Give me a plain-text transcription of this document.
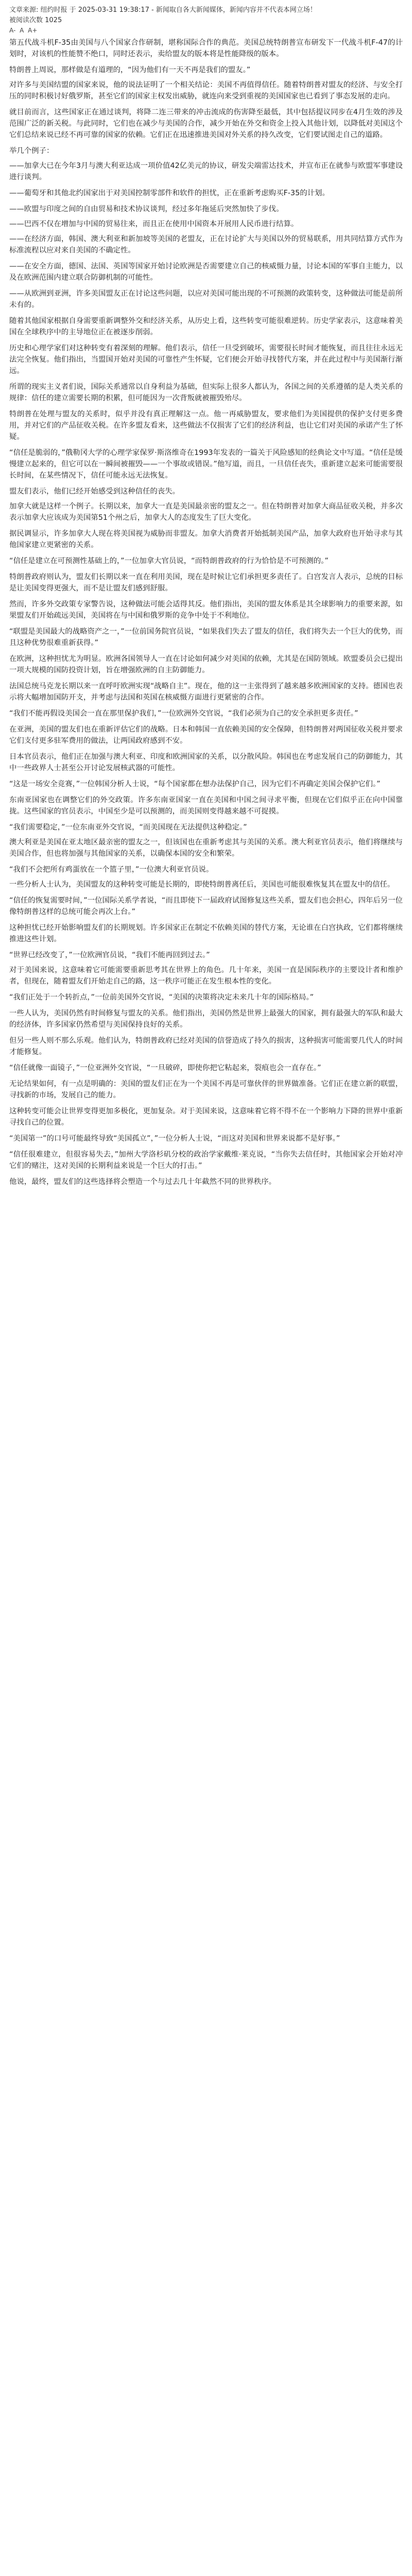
文章来源: 纽约时报 于 2025-03-31 19:38:17 - 新闻取自各大新闻媒体，新闻内容并不代表本网立场！
被阅读次数 1025
A- A A+

第五代战斗机F-35由美国与八个国家合作研制，堪称国际合作的典范。美国总统特朗普宣布研发下一代战斗机F-47的计划时，对该机的性能赞不绝口，同时还表示，卖给盟友的版本将是性能降级的版本。

特朗普上周说，那样做是有道理的，“因为他们有一天不再是我们的盟友。”

对许多与美国结盟的国家来说，他的说法证明了一个相关结论：美国不再值得信任。随着特朗普对盟友的经济、与安全打压的同时积极讨好俄罗斯，甚至它们的国家主权发出威胁，就连向来受到重视的美国国家也已看到了事态发展的走向。

就目前而言，这些国家正在通过谈判，将降二连三带来的冲击流成的伤害降至最低，其中包括提议同步在4月生效的涉及范围广泛的新关税。与此同时，它们也在减少与美国的合作，减少开始在外交和资金上投入其他计划，以降低对美国这个它们总结来说已经不再可靠的国家的依赖。它们正在迅速推进美国对外关系的持久改变，它们要试图走自己的道路。

举几个例子：

——加拿大已在今年3月与澳大利亚达成一项价值42亿美元的协议，研发尖端雷达技术，并宣布正在就参与欧盟军事建设进行谈判。

——葡萄牙和其他北约国家出于对美国控制零部件和软件的担忧，正在重新考虑购买F-35的计划。

——欧盟与印度之间的自由贸易和技术协议谈判，经过多年拖延后突然加快了步伐。

——巴西不仅在增加与中国的贸易往来，而且正在使用中国资本开展用人民币进行结算。

——在经济方面，韩国、澳大利亚和新加坡等美国的老盟友，正在讨论扩大与美国以外的贸易联系，用共同结算方式作为标准流程以应对来自美国的不确定性。

——在安全方面，德国、法国、英国等国家开始讨论欧洲是否需要建立自己的核威慑力量，讨论本国的军事自主能力，以及在欧洲范围内建立联合防御机制的可能性。

——从欧洲到亚洲，许多美国盟友正在讨论这些问题，以应对美国可能出现的不可预测的政策转变，这种做法可能是前所未有的。

随着其他国家根据自身需要重新调整外交和经济关系，从历史上看，这些转变可能很难逆转。历史学家表示，这意味着美国在全球秩序中的主导地位正在被逐步削弱。

历史和心理学家们对这种转变有着深刻的理解。他们表示，信任一旦受到破坏，需要很长时间才能恢复，而且往往永远无法完全恢复。他们指出，当盟国开始对美国的可靠性产生怀疑，它们便会开始寻找替代方案，并在此过程中与美国渐行渐远。

所谓的现实主义者们说，国际关系通常以自身利益为基础，但实际上很多人都认为，各国之间的关系遵循的是人类关系的规律：信任的建立需要长期的积累，但可能因为一次背叛就被摧毁殆尽。

特朗普在处理与盟友的关系时，似乎并没有真正理解这一点。他一再威胁盟友，要求他们为美国提供的保护支付更多费用，并对它们的产品征收关税。在许多盟友看来，这些做法不仅损害了它们的经济利益，也让它们对美国的承诺产生了怀疑。

“信任是脆弱的，”俄勒冈大学的心理学家保罗·斯洛维奇在1993年发表的一篇关于风险感知的经典论文中写道。“信任是缓慢建立起来的，但它可以在一瞬间被摧毁——一个事故或错误。”他写道，而且，一旦信任丧失，重新建立起来可能需要很长时间，在某些情况下，信任可能永远无法恢复。

盟友们表示，他们已经开始感受到这种信任的丧失。

加拿大就是这样一个例子。长期以来，加拿大一直是美国最亲密的盟友之一。但在特朗普对加拿大商品征收关税，并多次表示加拿大应该成为美国第51个州之后，加拿大人的态度发生了巨大变化。

据民调显示，许多加拿大人现在将美国视为威胁而非盟友。加拿大消费者开始抵制美国产品，加拿大政府也开始寻求与其他国家建立更紧密的关系。

“信任是建立在可预测性基础上的，”一位加拿大官员说，“而特朗普政府的行为恰恰是不可预测的。”

特朗普政府则认为，盟友们长期以来一直在利用美国，现在是时候让它们承担更多责任了。白宫发言人表示，总统的目标是让美国变得更强大，而不是让盟友们感到舒服。

然而，许多外交政策专家警告说，这种做法可能会适得其反。他们指出，美国的盟友体系是其全球影响力的重要来源，如果盟友们开始疏远美国，美国将在与中国和俄罗斯的竞争中处于不利地位。

“联盟是美国最大的战略资产之一，”一位前国务院官员说，“如果我们失去了盟友的信任，我们将失去一个巨大的优势，而且这种优势很难重新获得。”

在欧洲，这种担忧尤为明显。欧洲各国领导人一直在讨论如何减少对美国的依赖，尤其是在国防领域。欧盟委员会已提出一项大规模的国防投资计划，旨在增强欧洲的自主防御能力。

法国总统马克龙长期以来一直呼吁欧洲实现“战略自主”。现在，他的这一主张得到了越来越多欧洲国家的支持。德国也表示将大幅增加国防开支，并考虑与法国和英国在核威慑方面进行更紧密的合作。

“我们不能再假设美国会一直在那里保护我们，”一位欧洲外交官说，“我们必须为自己的安全承担更多责任。”

在亚洲，美国的盟友们也在重新评估它们的战略。日本和韩国一直依赖美国的安全保障，但特朗普对两国征收关税并要求它们支付更多驻军费用的做法，让两国政府感到不安。

日本官员表示，他们正在加强与澳大利亚、印度和欧洲国家的关系，以分散风险。韩国也在考虑发展自己的防御能力，其中一些政界人士甚至公开讨论发展核武器的可能性。

“这是一场安全竞赛，”一位韩国分析人士说，“每个国家都在想办法保护自己，因为它们不再确定美国会保护它们。”

东南亚国家也在调整它们的外交政策。许多东南亚国家一直在美国和中国之间寻求平衡，但现在它们似乎正在向中国靠拢。这些国家的官员表示，中国至少是可以预测的，而美国则变得越来越不可捉摸。

“我们需要稳定，”一位东南亚外交官说，“而美国现在无法提供这种稳定。”

澳大利亚是美国在亚太地区最亲密的盟友之一，但该国也在重新考虑其与美国的关系。澳大利亚官员表示，他们将继续与美国合作，但也将加强与其他国家的关系，以确保本国的安全和繁荣。

“我们不会把所有鸡蛋放在一个篮子里，”一位澳大利亚官员说。

一些分析人士认为，美国盟友的这种转变可能是长期的，即使特朗普离任后，美国也可能很难恢复其在盟友中的信任。

“信任的恢复需要时间，”一位国际关系学者说，“而且即使下一届政府试图修复这些关系，盟友们也会担心，四年后另一位像特朗普这样的总统可能会再次上台。”

这种担忧已经开始影响盟友们的长期规划。许多国家正在制定不依赖美国的替代方案，无论谁在白宫执政，它们都将继续推进这些计划。

“世界已经改变了，”一位欧洲官员说，“我们不能再回到过去。”

对于美国来说，这意味着它可能需要重新思考其在世界上的角色。几十年来，美国一直是国际秩序的主要设计者和维护者，但现在，随着盟友们开始走自己的路，这一秩序可能正在发生根本性的变化。

“我们正处于一个转折点，”一位前美国外交官说，“美国的决策将决定未来几十年的国际格局。”

一些人认为，美国仍然有时间修复与盟友的关系。他们指出，美国仍然是世界上最强大的国家，拥有最强大的军队和最大的经济体，许多国家仍然希望与美国保持良好的关系。

但另一些人则不那么乐观。他们认为，特朗普政府已经对美国的信誉造成了持久的损害，这种损害可能需要几代人的时间才能修复。

“信任就像一面镜子，”一位亚洲外交官说，“一旦破碎，即使你把它粘起来，裂痕也会一直存在。”

无论结果如何，有一点是明确的：美国的盟友们正在为一个美国不再是可靠伙伴的世界做准备。它们正在建立新的联盟，寻找新的市场，发展自己的能力。

这种转变可能会让世界变得更加多极化，更加复杂。对于美国来说，这意味着它将不得不在一个影响力下降的世界中重新寻找自己的位置。

“美国第一”的口号可能最终导致“美国孤立”，”一位分析人士说，“而这对美国和世界来说都不是好事。”

“信任很难建立，但很容易失去，”加州大学洛杉矶分校的政治学家戴维·莱克说，“当你失去信任时，其他国家会开始对冲它们的赌注，这对美国的长期利益来说是一个巨大的打击。”

他说，最终，盟友们的这些选择将会塑造一个与过去几十年截然不同的世界秩序。
